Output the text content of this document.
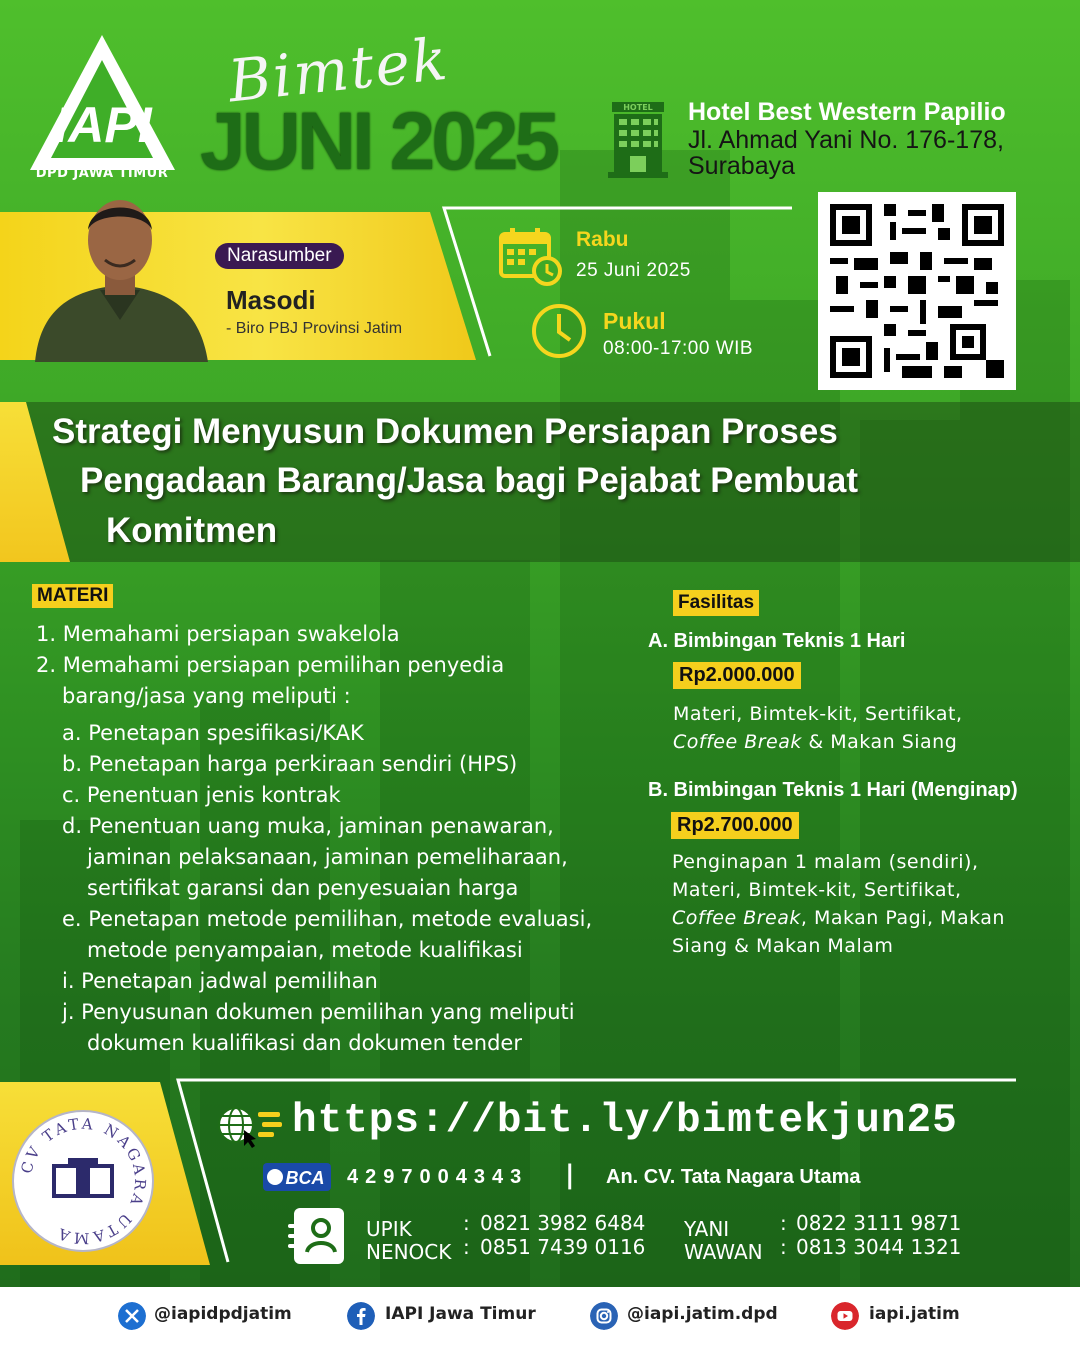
IAPI
DPD JAWA TIMUR
Bimtek
JUNI 2025	HOTEL Hotel Best Western Papilio
Jl. Ahmad Yani No. 176-178,
Surabaya
Narasumber
Masodi
- Biro PBJ Provinsi Jatim
Rabu
25 Juni 2025
Pukul
08:00-17:00 WIB
Strategi Menyusun Dokumen Persiapan Proses
Pengadaan Barang/Jasa bagi Pejabat Pembuat
Komitmen
MATERI
1. Memahami persiapan swakelola
2. Memahami persiapan pemilihan penyedia
barang/jasa yang meliputi :
a. Penetapan spesifikasi/KAK
b. Penetapan harga perkiraan sendiri (HPS)
c. Penentuan jenis kontrak
d. Penentuan uang muka, jaminan penawaran,
jaminan pelaksanaan, jaminan pemeliharaan,
sertifikat garansi dan penyesuaian harga
e. Penetapan metode pemilihan, metode evaluasi,
metode penyampaian, metode kualifikasi
i. Penetapan jadwal pemilihan
j. Penyusunan dokumen pemilihan yang meliputi
dokumen kualifikasi dan dokumen tender
Fasilitas
A. Bimbingan Teknis 1 Hari
Rp2.000.000
Materi, Bimtek-kit, Sertifikat,
Coffee Break & Makan Siang
B. Bimbingan Teknis 1 Hari (Menginap)
Rp2.700.000
Penginapan 1 malam (sendiri),
Materi, Bimtek-kit, Sertifikat,
Coffee Break, Makan Pagi, Makan
Siang & Makan Malam
CV TATA NAGARA UTAMA
https://bit.ly/bimtekjun25
BCA 4297004343 | An. CV. Tata Nagara Utama
UPIK	: 0821 3982 6484
NENOCK : 0851 7439 0116
YANI	: 0822 3111 9871
WAWAN : 0813 3044 1321
@iapidpdjatim	IAPI Jawa Timur	@iapi.jatim.dpd	iapi.jatim
